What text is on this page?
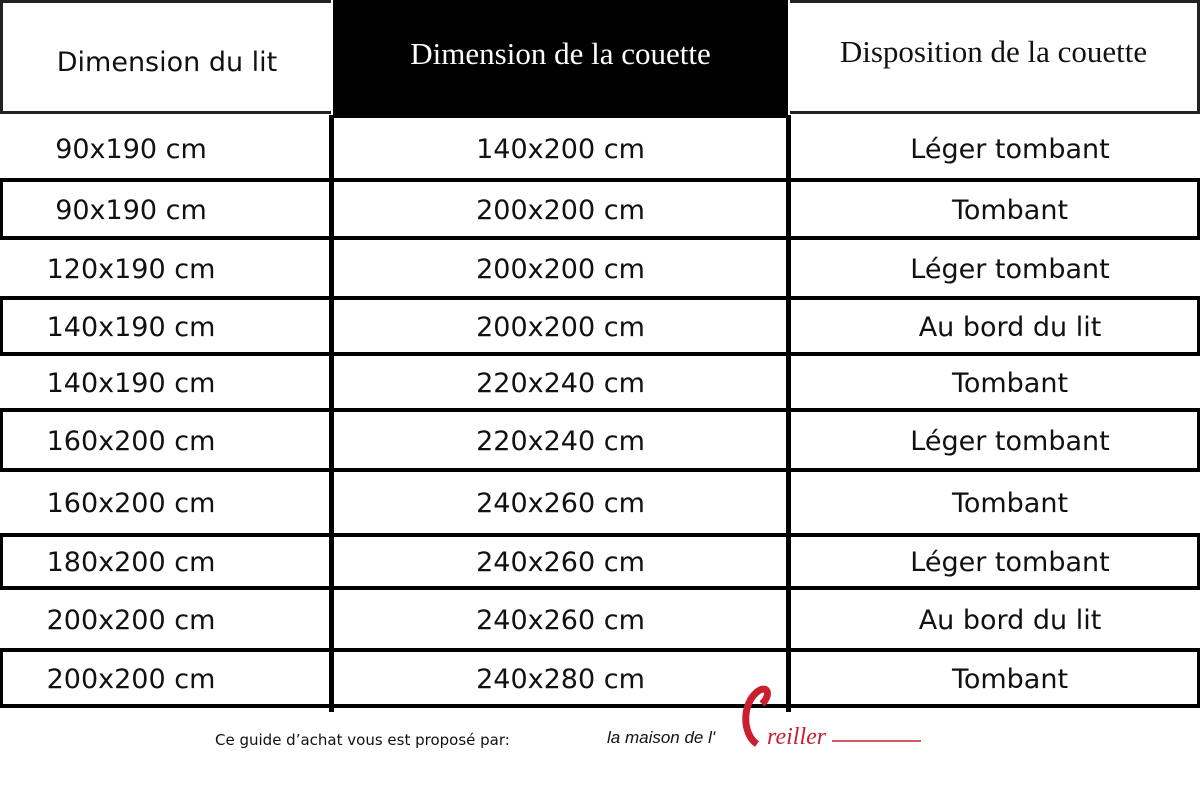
Dimension du lit	Dimension de la couette	Disposition de la couette
90x190 cm	140x200 cm	Léger tombant
90x190 cm	200x200 cm	Tombant
120x190 cm	200x200 cm	Léger tombant
140x190 cm	200x200 cm	Au bord du lit
140x190 cm	220x240 cm	Tombant
160x200 cm	220x240 cm	Léger tombant
160x200 cm	240x260 cm	Tombant
180x200 cm	240x260 cm	Léger tombant
200x200 cm	240x260 cm	Au bord du lit
200x200 cm	240x280 cm	Tombant
Ce guide d’achat vous est proposé par:	la maison de l' reiller
